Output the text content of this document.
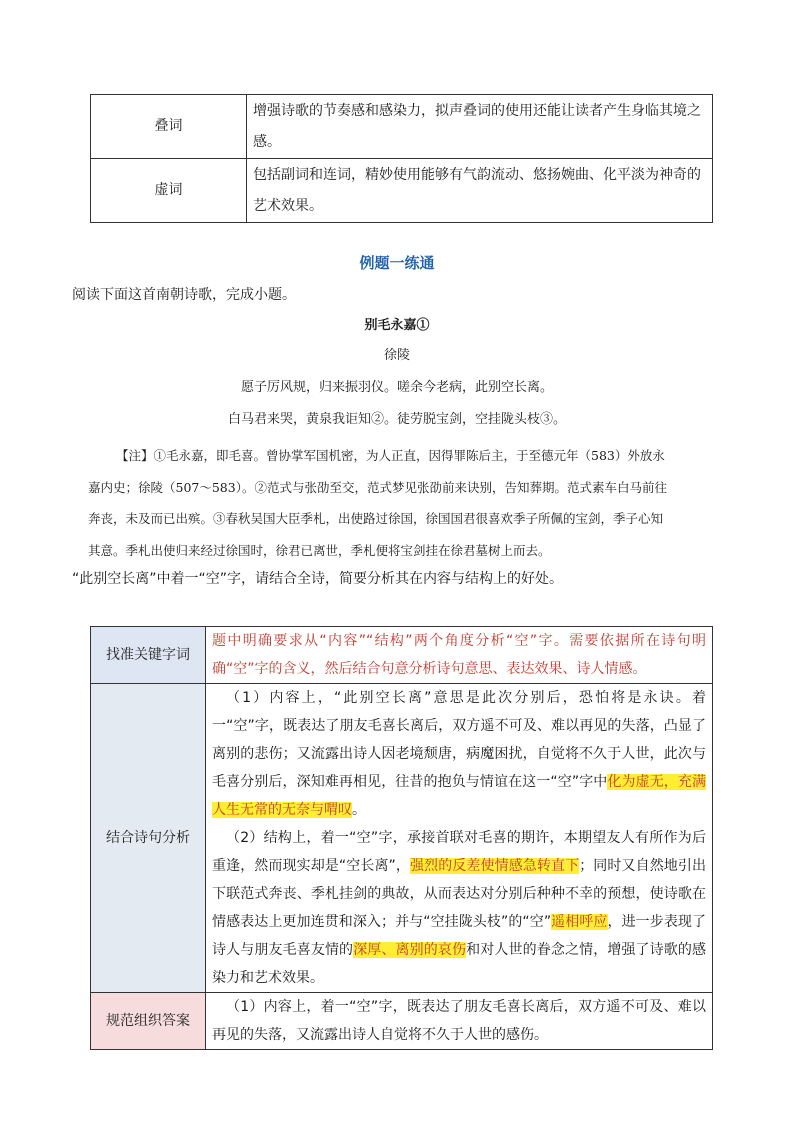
叠词	增强诗歌的节奏感和感染力，拟声叠词的使用还能让读者产生身临其境之感。
虚词	包括副词和连词，精妙使用能够有气韵流动、悠扬婉曲、化平淡为神奇的艺术效果。
例题一练通
阅读下面这首南朝诗歌，完成小题。
别毛永嘉①
徐陵
愿子厉风规，归来振羽仪。嗟余今老病，此别空长离。
白马君来哭，黄泉我讵知②。徒劳脱宝剑，空挂陇头枝③。
【注】①毛永嘉，即毛喜。曾协掌军国机密，为人正直，因得罪陈后主，于至德元年（583）外放永
嘉内史；徐陵（507～583）。②范式与张劭至交，范式梦见张劭前来诀别，告知葬期。范式素车白马前往
奔丧，未及而已出殡。③春秋吴国大臣季札，出使路过徐国，徐国国君很喜欢季子所佩的宝剑，季子心知
其意。季札出使归来经过徐国时，徐君已离世，季札便将宝剑挂在徐君墓树上而去。
“此别空长离”中着一“空”字，请结合全诗，简要分析其在内容与结构上的好处。
找准关键字词	题中明确要求从“内容”“结构”两个角度分析“空”字。需要依据所在诗句明确“空”字的含义，然后结合句意分析诗句意思、表达效果、诗人情感。
结合诗句分析	（1）内容上，“此别空长离”意思是此次分别后，恐怕将是永诀。着一“空”字，既表达了朋友毛喜长离后，双方遥不可及、难以再见的失落，凸显了离别的悲伤；又流露出诗人因老境颓唐，病魔困扰，自觉将不久于人世，此次与毛喜分别后，深知难再相见，往昔的抱负与情谊在这一“空”字中化为虚无，充满人生无常的无奈与喟叹。
（2）结构上，着一“空”字，承接首联对毛喜的期许，本期望友人有所作为后重逢，然而现实却是“空长离”，强烈的反差使情感急转直下；同时又自然地引出下联范式奔丧、季札挂剑的典故，从而表达对分别后种种不幸的预想，使诗歌在情感表达上更加连贯和深入；并与“空挂陇头枝”的“空”遥相呼应，进一步表现了诗人与朋友毛喜友情的深厚、离别的哀伤和对人世的眷念之情，增强了诗歌的感染力和艺术效果。

规范组织答案	（1）内容上，着一“空”字，既表达了朋友毛喜长离后，双方遥不可及、难以再见的失落，又流露出诗人自觉将不久于人世的感伤。
